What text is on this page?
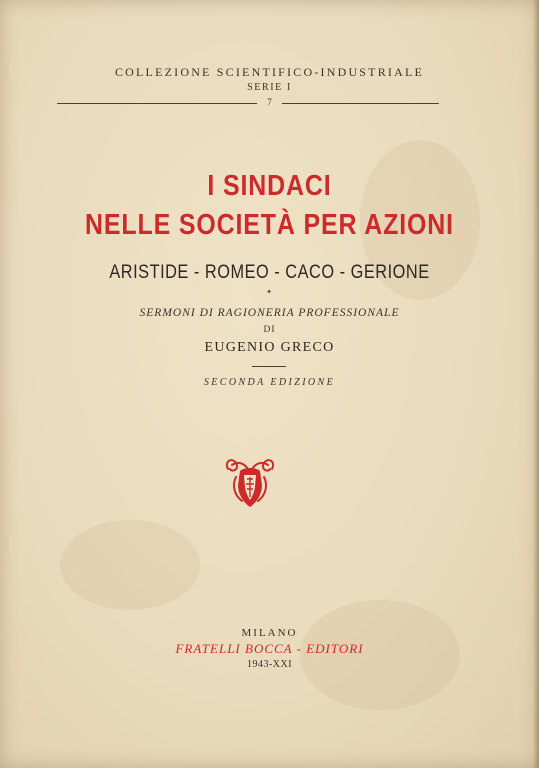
COLLEZIONE SCIENTIFICO-INDUSTRIALE
SERIE I
7
I SINDACI
NELLE SOCIETÀ PER AZIONI
ARISTIDE - ROMEO - CACO - GERIONE
✦
SERMONI DI RAGIONERIA PROFESSIONALE
DI
EUGENIO GRECO
SECONDA EDIZIONE
MILANO
FRATELLI BOCCA - EDITORI
1943-XXI
